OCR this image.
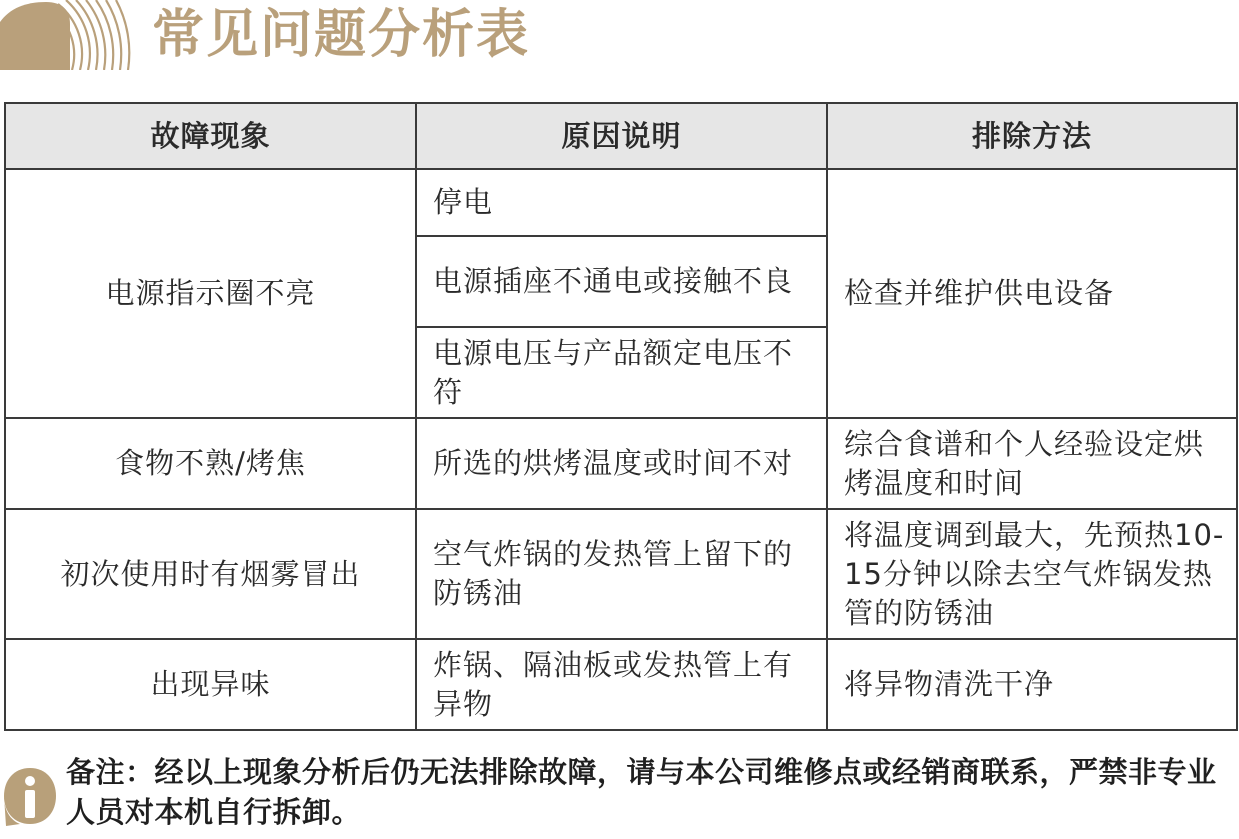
常见问题分析表
故障现象	原因说明	排除方法
电源指示圈不亮	停电	检查并维护供电设备
	电源插座不通电或接触不良	
	电源电压与产品额定电压不符	
食物不熟/烤焦	所选的烘烤温度或时间不对	综合食谱和个人经验设定烘烤温度和时间
初次使用时有烟雾冒出	空气炸锅的发热管上留下的防锈油	将温度调到最大，先预热10-15分钟以除去空气炸锅发热管的防锈油
出现异味	炸锅、隔油板或发热管上有异物	将异物清洗干净
备注：经以上现象分析后仍无法排除故障，请与本公司维修点或经销商联系，严禁非专业人员对本机自行拆卸。
